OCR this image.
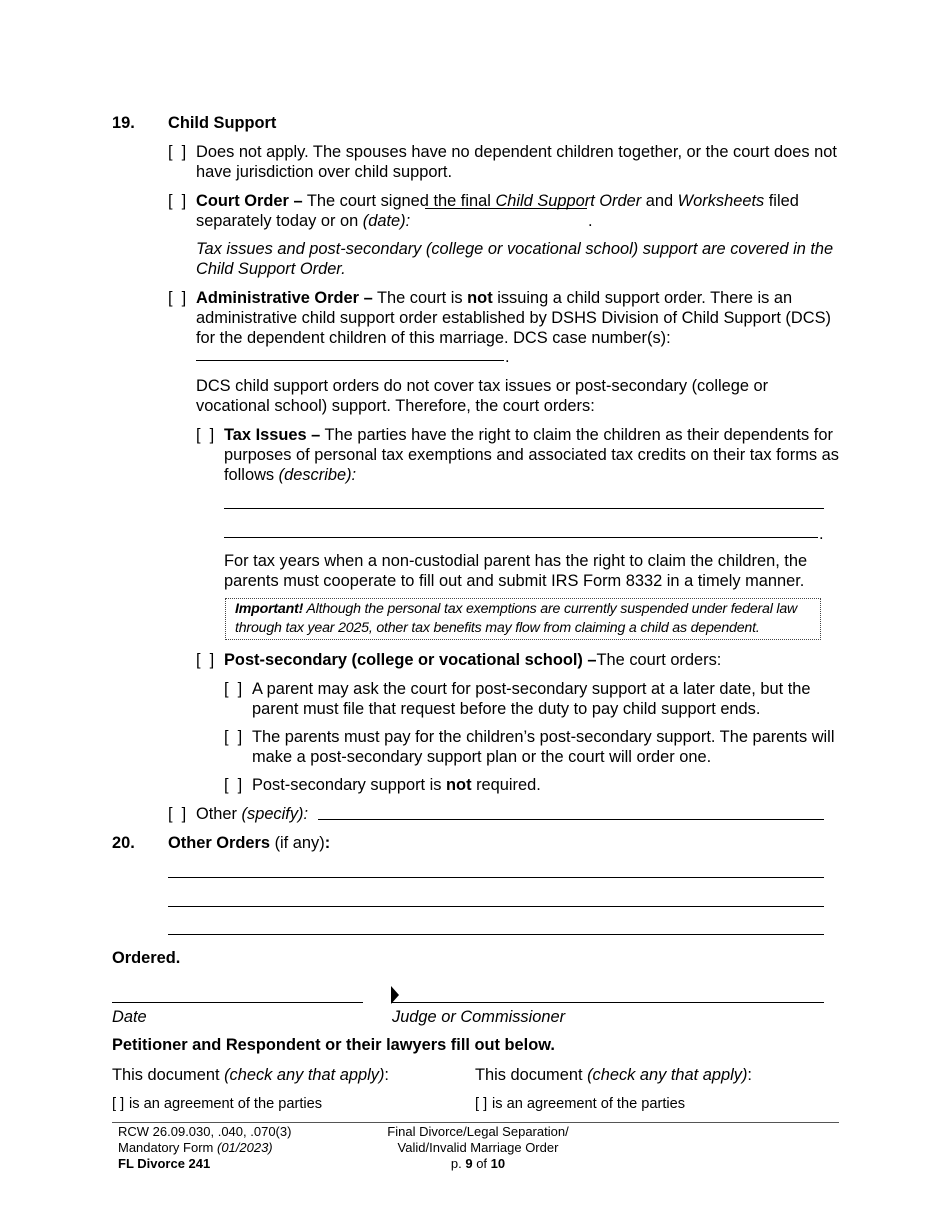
19. Child Support
[  ] Does not apply. The spouses have no dependent children together, or the court does not have jurisdiction over child support.
[  ] Court Order – The court signed the final Child Support Order and Worksheets filed separately today or on (date):	.
Tax issues and post-secondary (college or vocational school) support are covered in the Child Support Order.
[  ] Administrative Order – The court is not issuing a child support order. There is an administrative child support order established by DSHS Division of Child Support (DCS) for the dependent children of this marriage. DCS case number(s):
.
DCS child support orders do not cover tax issues or post-secondary (college or vocational school) support. Therefore, the court orders:
[  ] Tax Issues – The parties have the right to claim the children as their dependents for purposes of personal tax exemptions and associated tax credits on their tax forms as follows (describe):
.
For tax years when a non-custodial parent has the right to claim the children, the parents must cooperate to fill out and submit IRS Form 8332 in a timely manner.
Important! Although the personal tax exemptions are currently suspended under federal law through tax year 2025, other tax benefits may flow from claiming a child as dependent.
[  ] Post-secondary (college or vocational school) –The court orders:
[  ] A parent may ask the court for post-secondary support at a later date, but the parent must file that request before the duty to pay child support ends.
[  ] The parents must pay for the children’s post-secondary support. The parents will make a post-secondary support plan or the court will order one.
[  ] Post-secondary support is not required.
[  ] Other (specify):
20. Other Orders (if any):
Ordered.
Date	Judge or Commissioner
Petitioner and Respondent or their lawyers fill out below.
This document (check any that apply):
[ ] is an agreement of the parties
This document (check any that apply):
[ ] is an agreement of the parties
RCW 26.09.030, .040, .070(3)
Mandatory Form (01/2023)
FL Divorce 241
Final Divorce/Legal Separation/
Valid/Invalid Marriage Order
p. 9 of 10
